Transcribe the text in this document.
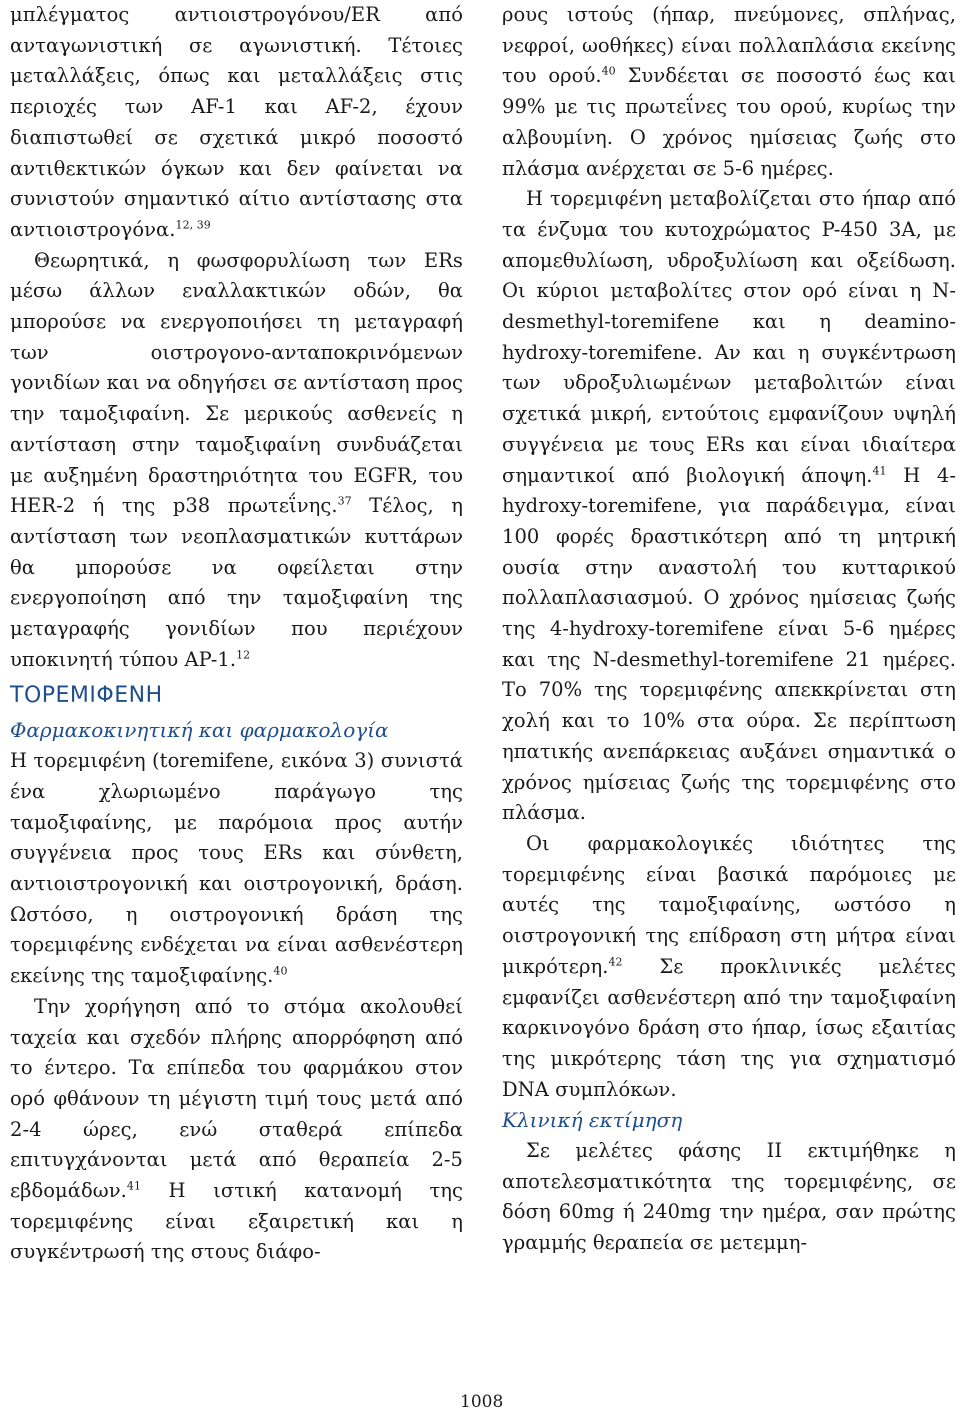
μπλέγματος αντιοιστρογόνου/ER από ανταγωνιστική σε αγωνιστική. Τέτοιες μεταλλάξεις, όπως και μεταλλάξεις στις περιοχές των AF-1 και AF-2, έχουν διαπιστωθεί σε σχετικά μικρό ποσοστό αντιθεκτικών όγκων και δεν φαίνεται να συνιστούν σημαντικό αίτιο αντίστασης στα αντιοιστρογόνα.$^{12, 39}$

Θεωρητικά, η φωσφορυλίωση των ERs μέσω άλλων εναλλακτικών οδών, θα μπορούσε να ενεργοποιήσει τη μεταγραφή των οιστρογονο-ανταποκρινόμενων γονιδίων και να οδηγήσει σε αντίσταση προς την ταμοξιφαίνη. Σε μερικούς ασθενείς η αντίσταση στην ταμοξιφαίνη συνδυάζεται με αυξημένη δραστηριότητα του EGFR, του HER-2 ή της p38 πρωτεΐνης.$^{37}$ Τέλος, η αντίσταση των νεοπλασματικών κυττάρων θα μπορούσε να οφείλεται στην ενεργοποίηση από την ταμοξιφαίνη της μεταγραφής γονιδίων που περιέχουν υποκινητή τύπου AP-1.12

ΤΟΡΕΜΙΦΕΝΗ
Φαρμακοκινητική και φαρμακολογία

Η τορεμιφένη (toremifene, εικόνα 3) συνιστά ένα χλωριωμένο παράγωγο της ταμοξιφαίνης, με παρόμοια προς αυτήν συγγένεια προς τους ERs και σύνθετη, αντιοιστρογονική και οιστρογονική, δράση. Ωστόσο, η οιστρογονική δράση της τορεμιφένης ενδέχεται να είναι ασθενέστερη εκείνης της ταμοξιφαίνης.$^{40}$

Την χορήγηση από το στόμα ακολουθεί ταχεία και σχεδόν πλήρης απορρόφηση από το έντερο. Τα επίπεδα του φαρμάκου στον ορό φθάνουν τη μέγιστη τιμή τους μετά από 2-4 ώρες, ενώ σταθερά επίπεδα επιτυγχάνονται μετά από θεραπεία 2-5 εβδομάδων.$^{41}$ Η ιστική κατανομή της τορεμιφένης είναι εξαιρετική και η συγκέντρωσή της στους διάφο-

ρους ιστούς (ήπαρ, πνεύμονες, σπλήνας, νεφροί, ωοθήκες) είναι πολλαπλάσια εκείνης του ορού.$^{40}$ Συνδέεται σε ποσοστό έως και 99% με τις πρωτεΐνες του ορού, κυρίως την αλβουμίνη. Ο χρόνος ημίσειας ζωής στο πλάσμα ανέρχεται σε 5-6 ημέρες.

Η τορεμιφένη μεταβολίζεται στο ήπαρ από τα ένζυμα του κυτοχρώματος P-450 3A, με απομεθυλίωση, υδροξυλίωση και οξείδωση. Οι κύριοι μεταβολίτες στον ορό είναι η N-desmethyl-toremifene και η deamino-hydroxy-toremifene. Αν και η συγκέντρωση των υδροξυλιωμένων μεταβολιτών είναι σχετικά μικρή, εντούτοις εμφανίζουν υψηλή συγγένεια με τους ERs και είναι ιδιαίτερα σημαντικοί από βιολογική άποψη.$^{41}$ Η 4-hydroxy-toremifene, για παράδειγμα, είναι 100 φορές δραστικότερη από τη μητρική ουσία στην αναστολή του κυτταρικού πολλαπλασιασμού. Ο χρόνος ημίσειας ζωής της 4-hydroxy-toremifene είναι 5-6 ημέρες και της N-desmethyl-toremifene 21 ημέρες. Το 70% της τορεμιφένης απεκκρίνεται στη χολή και το 10% στα ούρα. Σε περίπτωση ηπατικής ανεπάρκειας αυξάνει σημαντικά ο χρόνος ημίσειας ζωής της τορεμιφένης στο πλάσμα.

Οι φαρμακολογικές ιδιότητες της τορεμιφένης είναι βασικά παρόμοιες με αυτές της ταμοξιφαίνης, ωστόσο η οιστρογονική της επίδραση στη μήτρα είναι μικρότερη.$^{42}$ Σε προκλινικές μελέτες εμφανίζει ασθενέστερη από την ταμοξιφαίνη καρκινογόνο δράση στο ήπαρ, ίσως εξαιτίας της μικρότερης τάση της για σχηματισμό DNA συμπλόκων.

Κλινική εκτίμηση

Σε μελέτες φάσης ΙΙ εκτιμήθηκε η αποτελεσματικότητα της τορεμιφένης, σε δόση 60mg ή 240mg την ημέρα, σαν πρώτης γραμμής θεραπεία σε μετεμμη-

1008
